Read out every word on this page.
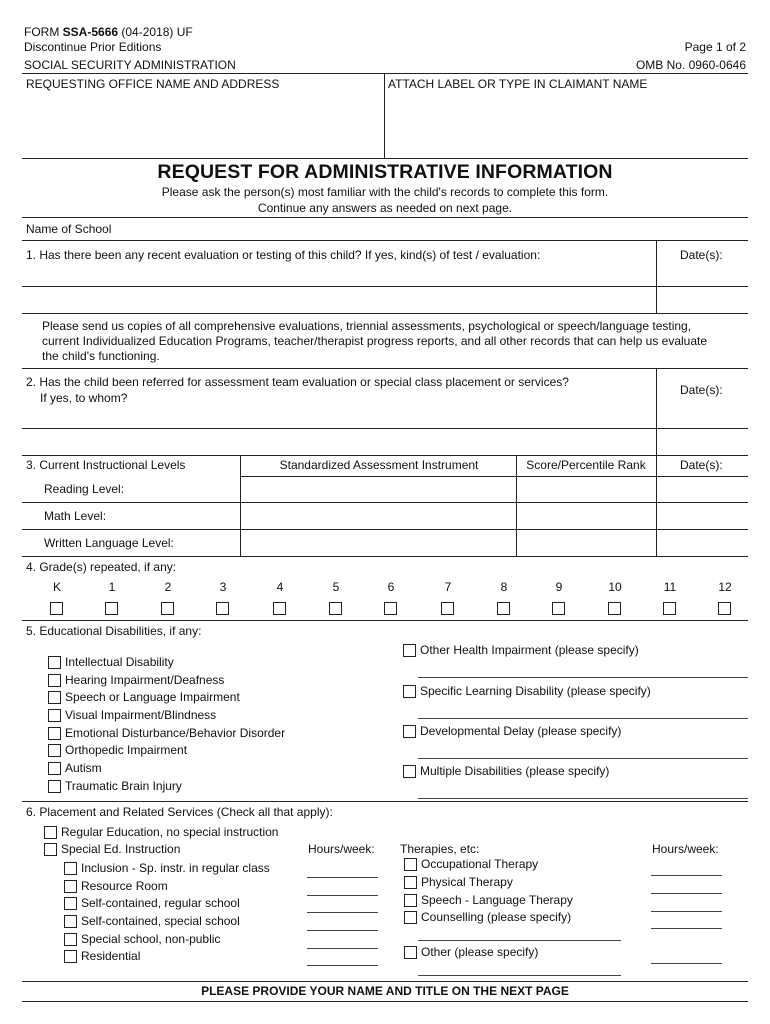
FORM SSA-5666 (04-2018) UF
Discontinue Prior Editions	Page 1 of 2
SOCIAL SECURITY ADMINISTRATION	OMB No. 0960-0646
REQUESTING OFFICE NAME AND ADDRESS	ATTACH LABEL OR TYPE IN CLAIMANT NAME
REQUEST FOR ADMINISTRATIVE INFORMATION
Please ask the person(s) most familiar with the child's records to complete this form.
Continue any answers as needed on next page.
Name of School
1. Has there been any recent evaluation or testing of this child? If yes, kind(s) of test / evaluation:	Date(s):
Please send us copies of all comprehensive evaluations, triennial assessments, psychological or speech/language testing,
current Individualized Education Programs, teacher/therapist progress reports, and all other records that can help us evaluate
the child's functioning.
2. Has the child been referred for assessment team evaluation or special class placement or services?
If yes, to whom?
Date(s):
3. Current Instructional Levels	Standardized Assessment Instrument	Score/Percentile Rank	Date(s):
Reading Level:
Math Level:
Written Language Level:
4. Grade(s) repeated, if any:
K	1	2	3	4	5	6	7	8	9	10	11	12
5. Educational Disabilities, if any:
Intellectual Disability
Hearing Impairment/Deafness
Speech or Language Impairment
Visual Impairment/Blindness
Emotional Disturbance/Behavior Disorder
Orthopedic Impairment
Autism
Traumatic Brain Injury
Other Health Impairment (please specify)
Specific Learning Disability (please specify)
Developmental Delay (please specify)
Multiple Disabilities (please specify)
6. Placement and Related Services (Check all that apply):
Regular Education, no special instruction
Special Ed. Instruction	Hours/week: Therapies, etc:	Hours/week:
Inclusion - Sp. instr. in regular class
Resource Room
Self-contained, regular school
Self-contained, special school
Special school, non-public
Residential
Occupational Therapy
Physical Therapy
Speech - Language Therapy
Counselling (please specify)
Other (please specify)
PLEASE PROVIDE YOUR NAME AND TITLE ON THE NEXT PAGE
